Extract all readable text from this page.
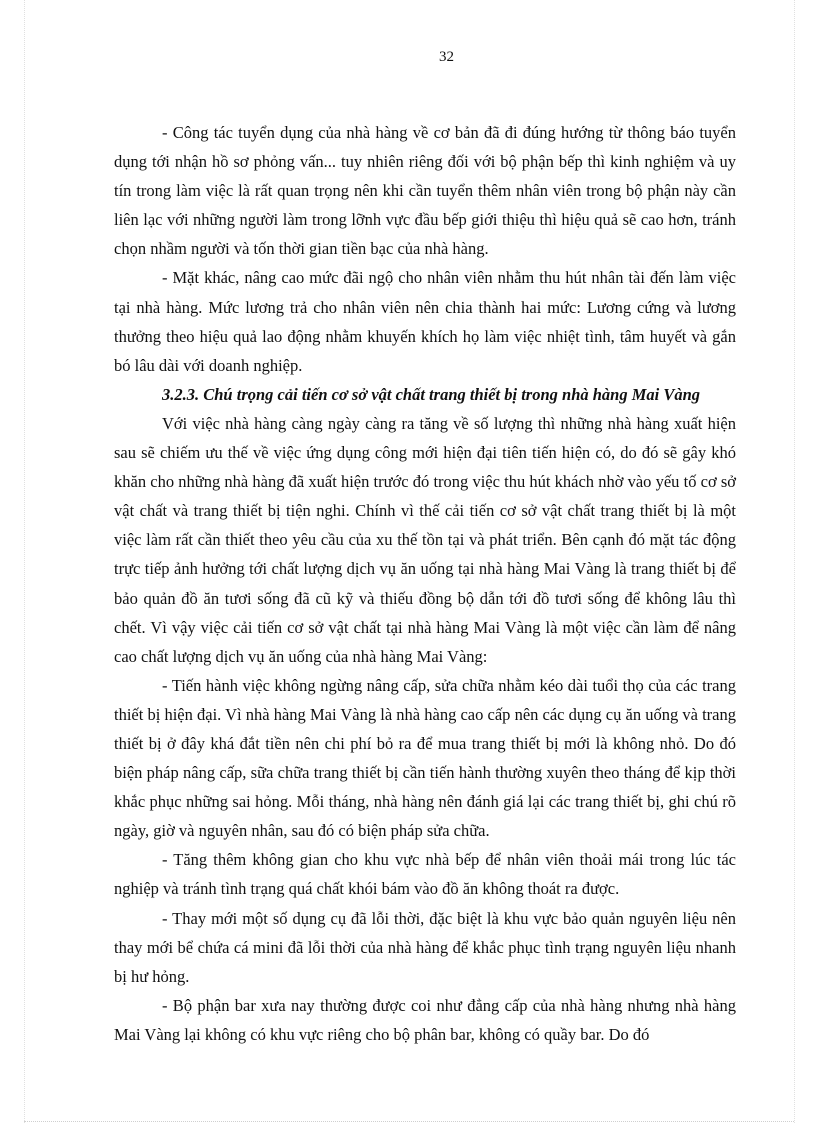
32

- Công tác tuyển dụng của nhà hàng về cơ bản đã đi đúng hướng từ thông báo tuyển dụng tới nhận hồ sơ phỏng vấn... tuy nhiên riêng đối với bộ phận bếp thì kinh nghiệm và uy tín trong làm việc là rất quan trọng nên khi cần tuyển thêm nhân viên trong bộ phận này cần liên lạc với những người làm trong lỡnh vực đầu bếp giới thiệu thì hiệu quả sẽ cao hơn, tránh chọn nhầm người và tốn thời gian tiền bạc của nhà hàng.

- Mặt khác, nâng cao mức đãi ngộ cho nhân viên nhằm thu hút nhân tài đến làm việc tại nhà hàng. Mức lương trả cho nhân viên nên chia thành hai mức: Lương cứng và lương thưởng theo hiệu quả lao động nhằm khuyến khích họ làm việc nhiệt tình, tâm huyết và gắn bó lâu dài với doanh nghiệp.

3.2.3. Chú trọng cải tiến cơ sở vật chất trang thiết bị trong nhà hàng Mai Vàng

Với việc nhà hàng càng ngày càng ra tăng về số lượng thì những nhà hàng xuất hiện sau sẽ chiếm ưu thế về việc ứng dụng công mới hiện đại tiên tiến hiện có, do đó sẽ gây khó khăn cho những nhà hàng đã xuất hiện trước đó trong việc thu hút khách nhờ vào yếu tố cơ sở vật chất và trang thiết bị tiện nghi. Chính vì thế cải tiến cơ sở vật chất trang thiết bị là một việc làm rất cần thiết theo yêu cầu của xu thế tồn tại và phát triển. Bên cạnh đó mặt tác động trực tiếp ảnh hưởng tới chất lượng dịch vụ ăn uống tại nhà hàng Mai Vàng là trang thiết bị để bảo quản đồ ăn tươi sống đã cũ kỹ và thiếu đồng bộ dẫn tới đồ tươi sống để không lâu thì chết. Vì vậy việc cải tiến cơ sở vật chất tại nhà hàng Mai Vàng là một việc cần làm để nâng cao chất lượng dịch vụ ăn uống của nhà hàng Mai Vàng:

- Tiến hành việc không ngừng nâng cấp, sửa chữa nhằm kéo dài tuổi thọ của các trang thiết bị hiện đại. Vì nhà hàng Mai Vàng là nhà hàng cao cấp nên các dụng cụ ăn uống và trang thiết bị ở đây khá đắt tiền nên chi phí bỏ ra để mua trang thiết bị mới là không nhỏ. Do đó biện pháp nâng cấp, sữa chữa trang thiết bị cần tiến hành thường xuyên theo tháng để kịp thời khắc phục những sai hỏng. Mỗi tháng, nhà hàng nên đánh giá lại các trang thiết bị, ghi chú rõ ngày, giờ và nguyên nhân, sau đó có biện pháp sửa chữa.

- Tăng thêm không gian cho khu vực nhà bếp để nhân viên thoải mái trong lúc tác nghiệp và tránh tình trạng quá chất khói bám vào đồ ăn không thoát ra được.

- Thay mới một số dụng cụ đã lỗi thời, đặc biệt là khu vực bảo quản nguyên liệu nên thay mới bể chứa cá mini đã lỗi thời của nhà hàng để khắc phục tình trạng nguyên liệu nhanh bị hư hỏng.

- Bộ phận bar xưa nay thường được coi như đẳng cấp của nhà hàng nhưng nhà hàng Mai Vàng lại không có khu vực riêng cho bộ phân bar, không có quầy bar. Do đó
